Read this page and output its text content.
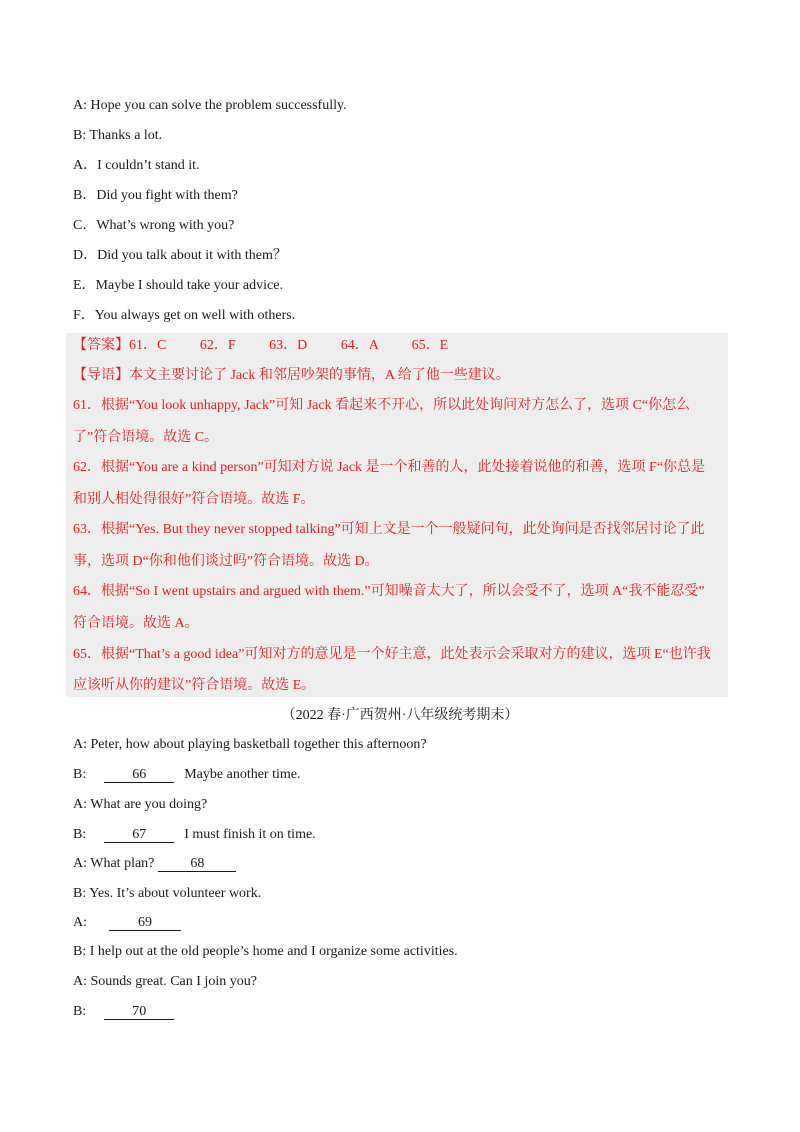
A: Hope you can solve the problem successfully.
B: Thanks a lot.
A．I couldn’t stand it.
B．Did you fight with them?
C．What’s wrong with you?
D．Did you talk about it with them？
E．Maybe I should take your advice.
F．You always get on well with others.
【答案】61．C 62．F 63．D 64．A 65．E
【导语】本文主要讨论了 Jack 和邻居吵架的事情，A 给了他一些建议。
61．根据“You look unhappy, Jack”可知 Jack 看起来不开心，所以此处询问对方怎么了，选项 C“你怎么
了”符合语境。故选 C。
62．根据“You are a kind person”可知对方说 Jack 是一个和善的人，此处接着说他的和善，选项 F“你总是
和别人相处得很好”符合语境。故选 F。
63．根据“Yes. But they never stopped talking”可知上文是一个一般疑问句，此处询问是否找邻居讨论了此
事，选项 D“你和他们谈过吗”符合语境。故选 D。
64．根据“So I went upstairs and argued with them.”可知噪音太大了，所以会受不了，选项 A“我不能忍受”
符合语境。故选 A。
65．根据“That’s a good idea”可知对方的意见是一个好主意，此处表示会采取对方的建议，选项 E“也许我
应该听从你的建议”符合语境。故选 E。
（2022 春·广西贺州·八年级统考期末）
A: Peter, how about playing basketball together this afternoon?
B:	66	Maybe another time.
A: What are you doing?
B:	67	I must finish it on time.
A: What plan?	68
B: Yes. It’s about volunteer work.
A:	69
B: I help out at the old people’s home and I organize some activities.
A: Sounds great. Can I join you?
B:	70
